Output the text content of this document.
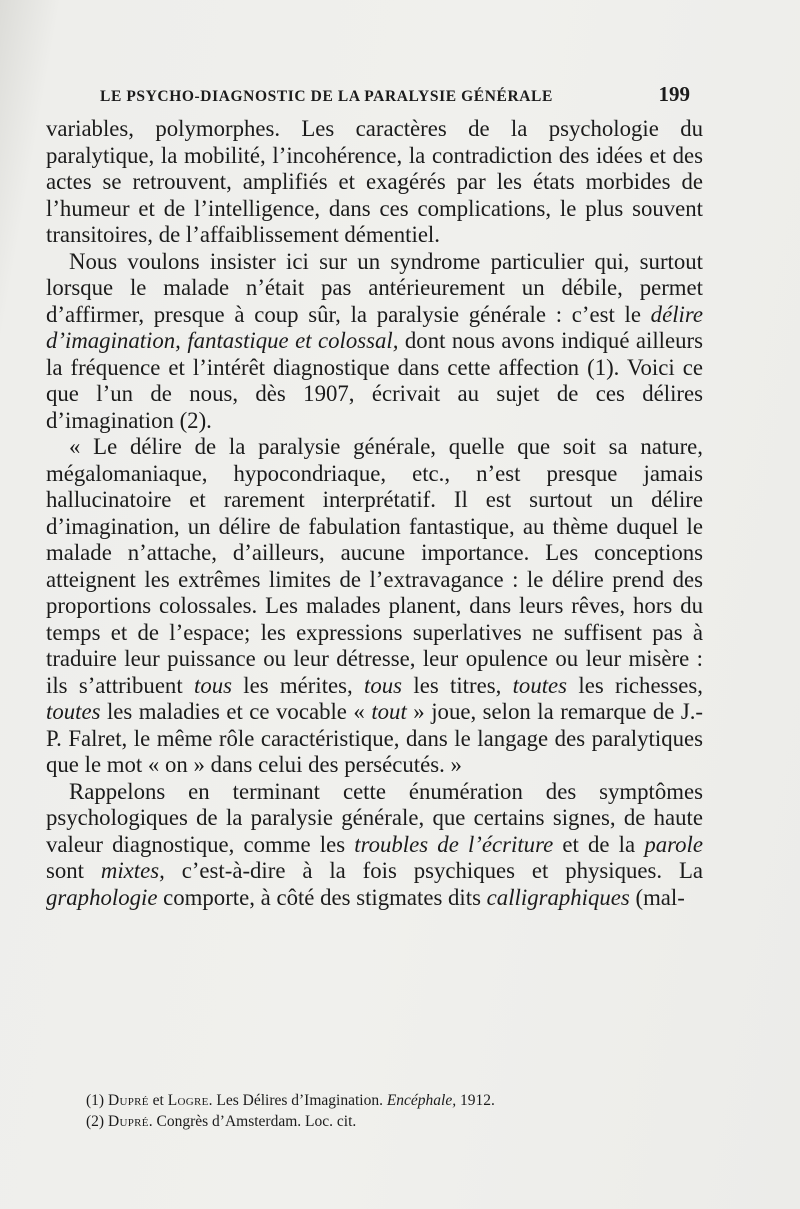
LE PSYCHO-DIAGNOSTIC DE LA PARALYSIE GÉNÉRALE	199

variables, polymorphes. Les caractères de la psychologie du paralytique, la mobilité, l’incohérence, la contradiction des idées et des actes se retrouvent, amplifiés et exagérés par les états morbides de l’humeur et de l’intelligence, dans ces complications, le plus souvent transitoires, de l’affaiblissement démentiel.

Nous voulons insister ici sur un syndrome particulier qui, surtout lorsque le malade n’était pas antérieurement un débile, permet d’affirmer, presque à coup sûr, la paralysie générale : c’est le délire d’imagination, fantastique et colossal, dont nous avons indiqué ailleurs la fréquence et l’intérêt diagnostique dans cette affection (1). Voici ce que l’un de nous, dès 1907, écrivait au sujet de ces délires d’imagination (2).

« Le délire de la paralysie générale, quelle que soit sa nature, mégalomaniaque, hypocondriaque, etc., n’est presque jamais hallucinatoire et rarement interprétatif. Il est surtout un délire d’imagination, un délire de fabulation fantastique, au thème duquel le malade n’attache, d’ailleurs, aucune importance. Les conceptions atteignent les extrêmes limites de l’extravagance : le délire prend des proportions colossales. Les malades planent, dans leurs rêves, hors du temps et de l’espace; les expressions superlatives ne suffisent pas à traduire leur puissance ou leur détresse, leur opulence ou leur misère : ils s’attribuent tous les mérites, tous les titres, toutes les richesses, toutes les maladies et ce vocable « tout » joue, selon la remarque de J.-P. Falret, le même rôle caractéristique, dans le langage des paralytiques que le mot « on » dans celui des persécutés. »

Rappelons en terminant cette énumération des symptômes psychologiques de la paralysie générale, que certains signes, de haute valeur diagnostique, comme les troubles de l’écriture et de la parole sont mixtes, c’est-à-dire à la fois psychiques et physiques. La graphologie comporte, à côté des stigmates dits calligraphiques (mal-

(1) Dupré et Logre. Les Délires d’Imagination. Encéphale, 1912.

(2) Dupré. Congrès d’Amsterdam. Loc. cit.
